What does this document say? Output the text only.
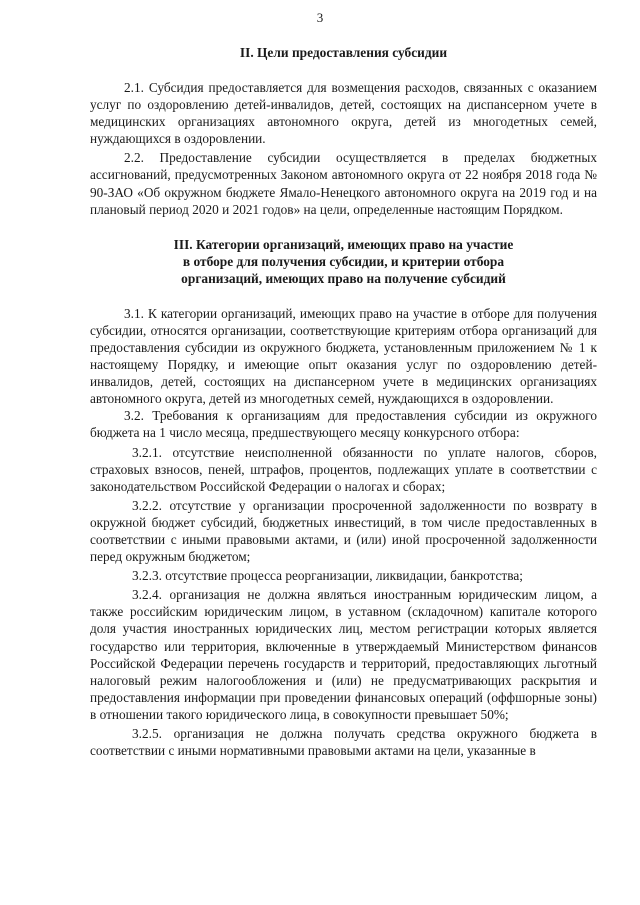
3

II. Цели предоставления субсидии

2.1. Субсидия предоставляется для возмещения расходов, связанных с оказанием услуг по оздоровлению детей-инвалидов, детей, состоящих на диспансерном учете в медицинских организациях автономного округа, детей из многодетных семей, нуждающихся в оздоровлении.

2.2. Предоставление субсидии осуществляется в пределах бюджетных ассигнований, предусмотренных Законом автономного округа от 22 ноября 2018 года № 90-ЗАО «Об окружном бюджете Ямало-Ненецкого автономного округа на 2019 год и на плановый период 2020 и 2021 годов» на цели, определенные настоящим Порядком.

III. Категории организаций, имеющих право на участие
в отборе для получения субсидии, и критерии отбора
организаций, имеющих право на получение субсидий

3.1. К категории организаций, имеющих право на участие в отборе для получения субсидии, относятся организации, соответствующие критериям отбора организаций для предоставления субсидии из окружного бюджета, установленным приложением № 1 к настоящему Порядку, и имеющие опыт оказания услуг по оздоровлению детей-инвалидов, детей, состоящих на диспансерном учете в медицинских организациях автономного округа, детей из многодетных семей, нуждающихся в оздоровлении.

3.2. Требования к организациям для предоставления субсидии из окружного бюджета на 1 число месяца, предшествующего месяцу конкурсного отбора:

3.2.1. отсутствие неисполненной обязанности по уплате налогов, сборов, страховых взносов, пеней, штрафов, процентов, подлежащих уплате в соответствии с законодательством Российской Федерации о налогах и сборах;

3.2.2. отсутствие у организации просроченной задолженности по возврату в окружной бюджет субсидий, бюджетных инвестиций, в том числе предоставленных в соответствии с иными правовыми актами, и (или) иной просроченной задолженности перед окружным бюджетом;

3.2.3. отсутствие процесса реорганизации, ликвидации, банкротства;

3.2.4. организация не должна являться иностранным юридическим лицом, а также российским юридическим лицом, в уставном (складочном) капитале которого доля участия иностранных юридических лиц, местом регистрации которых является государство или территория, включенные в утверждаемый Министерством финансов Российской Федерации перечень государств и территорий, предоставляющих льготный налоговый режим налогообложения и (или) не предусматривающих раскрытия и предоставления информации при проведении финансовых операций (оффшорные зоны) в отношении такого юридического лица, в совокупности превышает 50%;

3.2.5. организация не должна получать средства окружного бюджета в соответствии с иными нормативными правовыми актами на цели, указанные в
